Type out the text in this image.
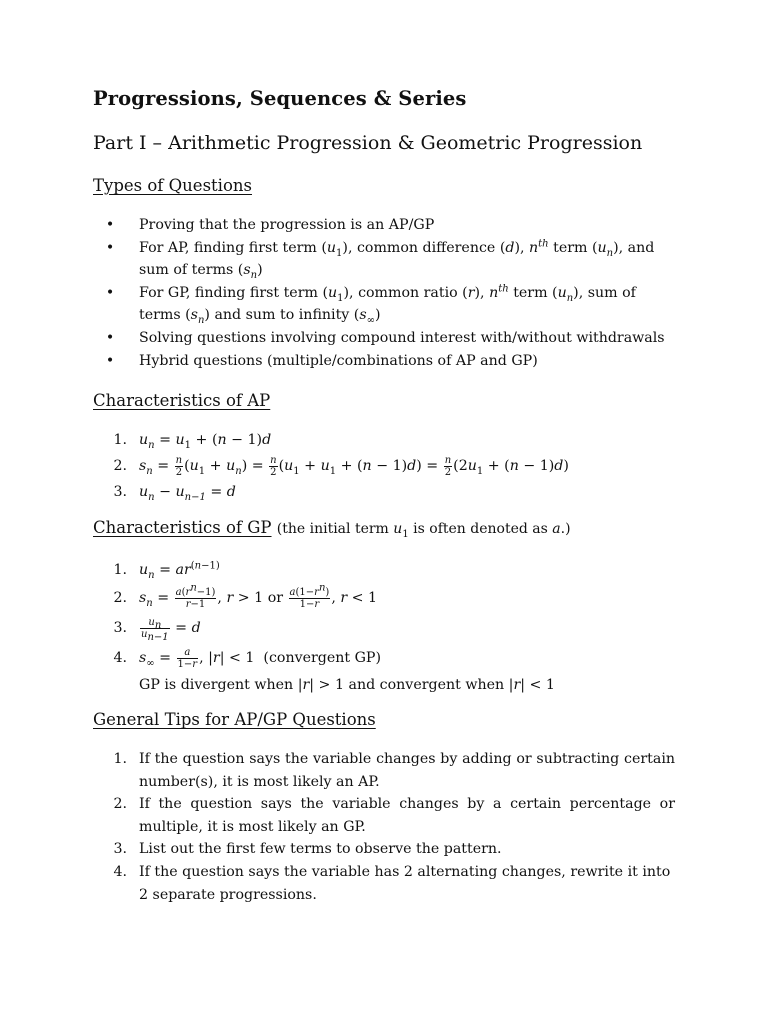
Progressions, Sequences & Series
Part I – Arithmetic Progression & Geometric Progression
Types of Questions
•	Proving that the progression is an AP/GP
•	For AP, finding first term $(u_1)$, common difference (d), $n^{th}$ term $(u_n)$, and sum of terms $(s_n)$
•	For GP, finding first term $(u_1)$, common ratio (r), $n^{th}$ term $(u_n)$, sum of terms $(s_n)$ and sum to infinity $(s_\infty)$
•	Solving questions involving compound interest with/without withdrawals
•	Hybrid questions (multiple/combinations of AP and GP)
Characteristics of AP
1. $u_n = u_1 + (n - 1)d$
2. $s_n = \frac{n}{2} (u_1 + u_n) = \frac{n}{2} (u_1 + u_1 + (n - 1)d) = \frac{n}{2} (2u_1 + (n - 1)d)$
3. $u_n - u_{n-1} = d$
Characteristics of GP (the initial term $u_1$ is often denoted as a.)
1. $u_n = ar^{(n-1)}$
2. $s_n = \frac{a(r^n-1)}{r-1}$ , r > 1 or $\frac{a(1-r^n)}{1-r}$ , r < 1
3. $\frac{u_n}{u_{n-1}} = d$
4. $s_\infty = \frac{a}{1-r}$ , |r| < 1  (convergent GP)
GP is divergent when |r| > 1 and convergent when |r| < 1
General Tips for AP/GP Questions
1. If the question says the variable changes by adding or subtracting certain number(s), it is most likely an AP.
2. If the question says the variable changes by a certain percentage or multiple, it is most likely an GP.
3. List out the first few terms to observe the pattern.
4. If the question says the variable has 2 alternating changes, rewrite it into 2 separate progressions.
